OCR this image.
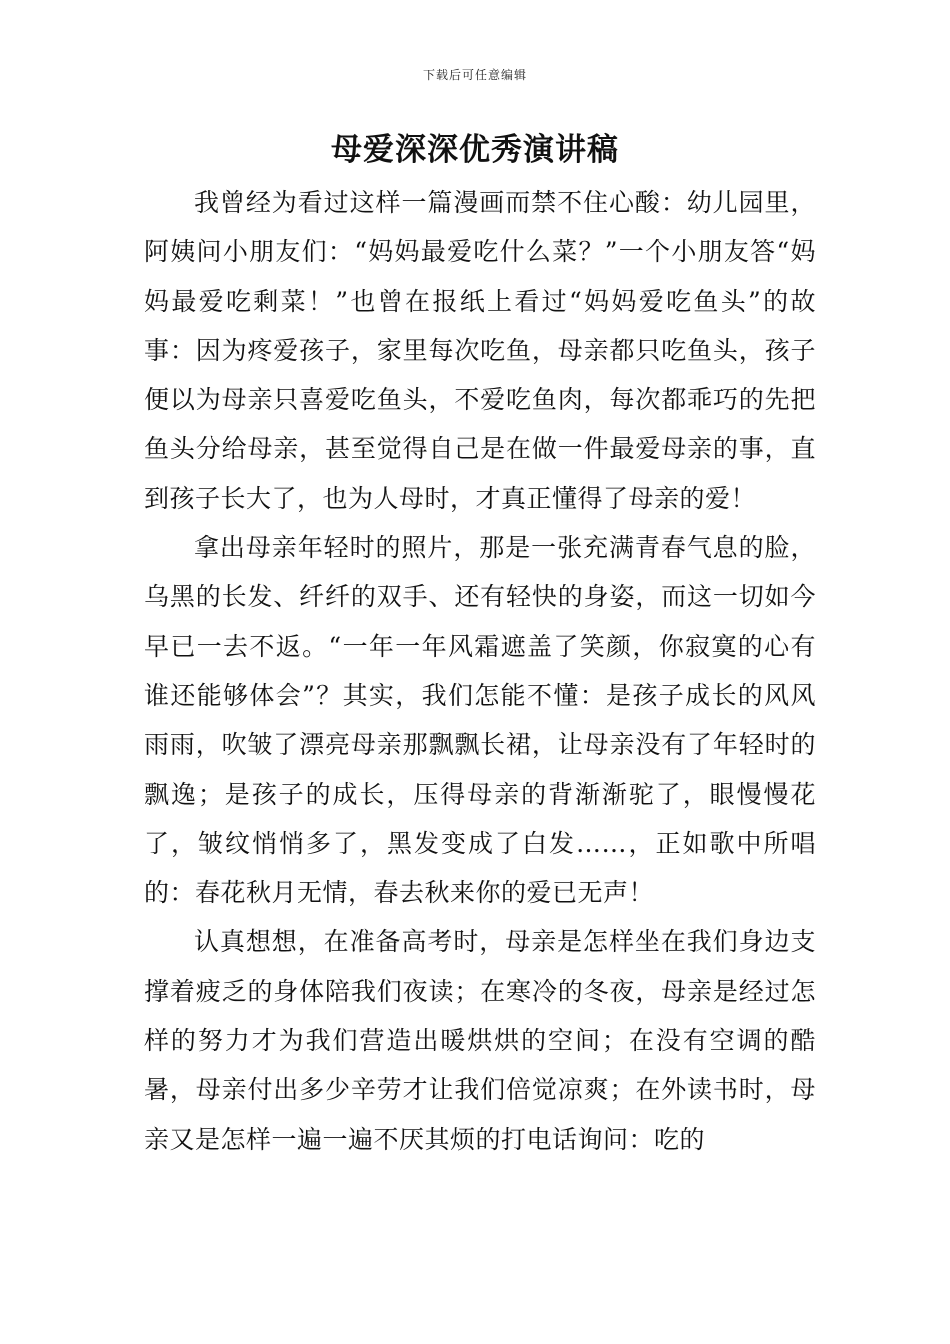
下载后可任意编辑
母爱深深优秀演讲稿

我曾经为看过这样一篇漫画而禁不住心酸：幼儿园里，阿姨问小朋友们：“妈妈最爱吃什么菜？”一个小朋友答“妈妈最爱吃剩菜！”也曾在报纸上看过“妈妈爱吃鱼头”的故事：因为疼爱孩子，家里每次吃鱼，母亲都只吃鱼头，孩子便以为母亲只喜爱吃鱼头，不爱吃鱼肉，每次都乖巧的先把鱼头分给母亲，甚至觉得自己是在做一件最爱母亲的事，直到孩子长大了，也为人母时，才真正懂得了母亲的爱！

拿出母亲年轻时的照片，那是一张充满青春气息的脸，乌黑的长发、纤纤的双手、还有轻快的身姿，而这一切如今早已一去不返。“一年一年风霜遮盖了笑颜，你寂寞的心有谁还能够体会”？其实，我们怎能不懂：是孩子成长的风风雨雨，吹皱了漂亮母亲那飘飘长裙，让母亲没有了年轻时的飘逸；是孩子的成长，压得母亲的背渐渐驼了，眼慢慢花了，皱纹悄悄多了，黑发变成了白发……，正如歌中所唱的：春花秋月无情，春去秋来你的爱已无声！

认真想想，在准备高考时，母亲是怎样坐在我们身边支撑着疲乏的身体陪我们夜读；在寒冷的冬夜，母亲是经过怎样的努力才为我们营造出暖烘烘的空间；在没有空调的酷暑，母亲付出多少辛劳才让我们倍觉凉爽；在外读书时，母亲又是怎样一遍一遍不厌其烦的打电话询问：吃的
